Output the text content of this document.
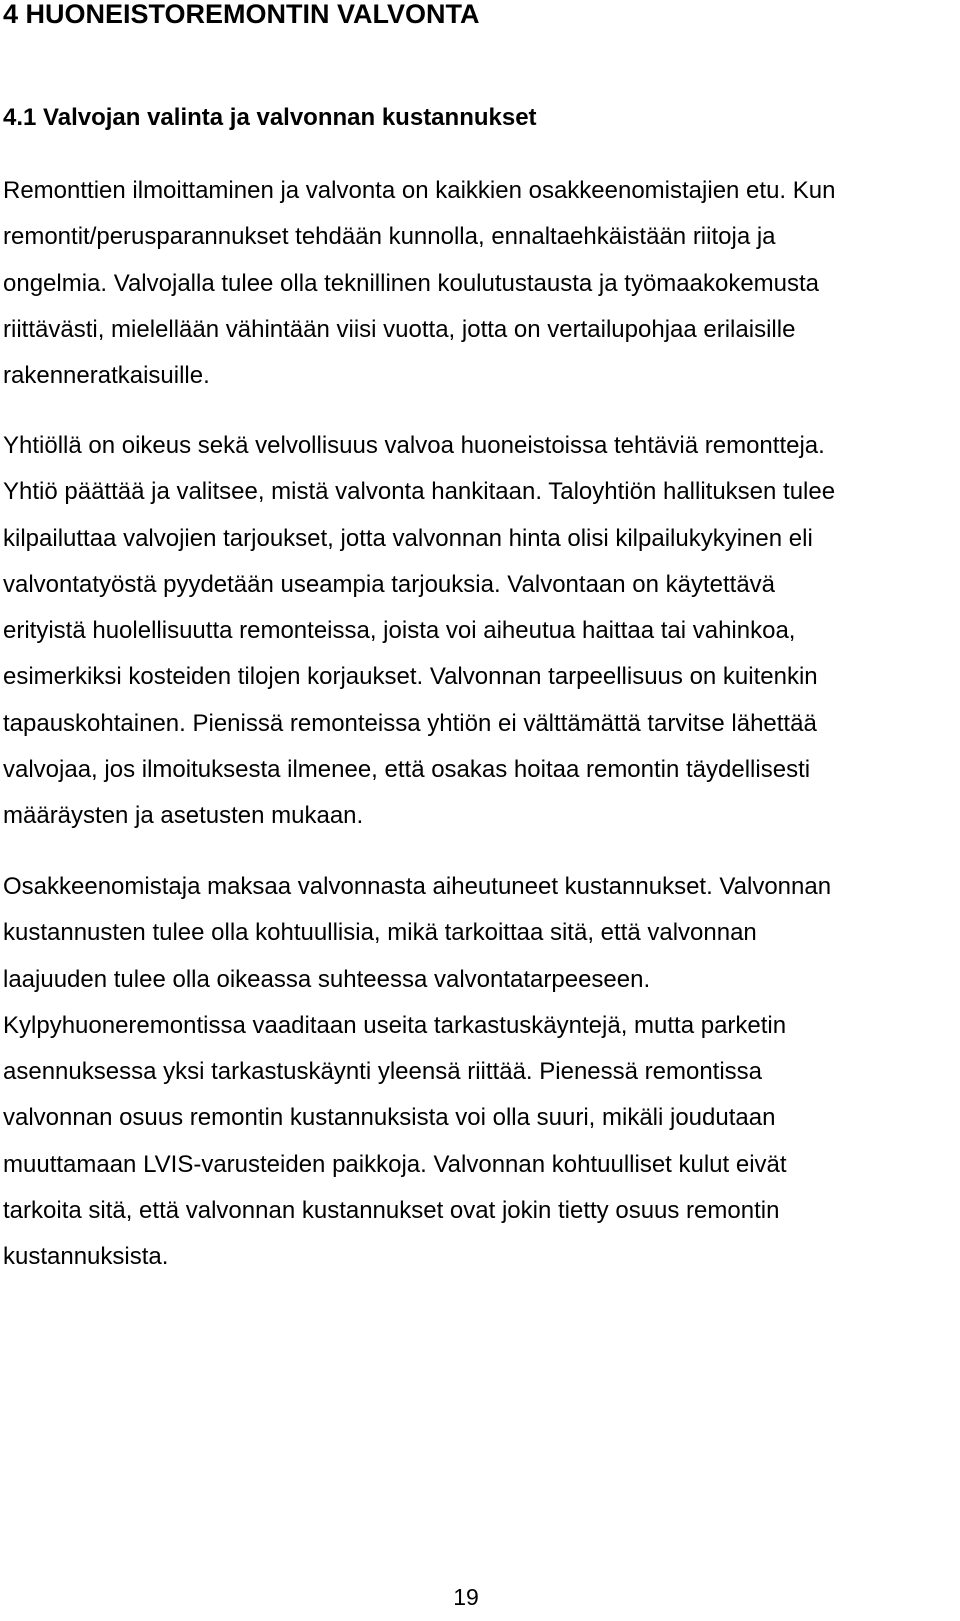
4 HUONEISTOREMONTIN VALVONTA
4.1 Valvojan valinta ja valvonnan kustannukset
Remonttien ilmoittaminen ja valvonta on kaikkien osakkeenomistajien etu. Kun
remontit/perusparannukset tehdään kunnolla, ennaltaehkäistään riitoja ja
ongelmia. Valvojalla tulee olla teknillinen koulutustausta ja työmaakokemusta
riittävästi, mielellään vähintään viisi vuotta, jotta on vertailupohjaa erilaisille
rakenneratkaisuille.
Yhtiöllä on oikeus sekä velvollisuus valvoa huoneistoissa tehtäviä remontteja.
Yhtiö päättää ja valitsee, mistä valvonta hankitaan. Taloyhtiön hallituksen tulee
kilpailuttaa valvojien tarjoukset, jotta valvonnan hinta olisi kilpailukykyinen eli
valvontatyöstä pyydetään useampia tarjouksia. Valvontaan on käytettävä
erityistä huolellisuutta remonteissa, joista voi aiheutua haittaa tai vahinkoa,
esimerkiksi kosteiden tilojen korjaukset. Valvonnan tarpeellisuus on kuitenkin
tapauskohtainen. Pienissä remonteissa yhtiön ei välttämättä tarvitse lähettää
valvojaa, jos ilmoituksesta ilmenee, että osakas hoitaa remontin täydellisesti
määräysten ja asetusten mukaan.
Osakkeenomistaja maksaa valvonnasta aiheutuneet kustannukset. Valvonnan
kustannusten tulee olla kohtuullisia, mikä tarkoittaa sitä, että valvonnan
laajuuden tulee olla oikeassa suhteessa valvontatarpeeseen.
Kylpyhuoneremontissa vaaditaan useita tarkastuskäyntejä, mutta parketin
asennuksessa yksi tarkastuskäynti yleensä riittää. Pienessä remontissa
valvonnan osuus remontin kustannuksista voi olla suuri, mikäli joudutaan
muuttamaan LVIS-varusteiden paikkoja. Valvonnan kohtuulliset kulut eivät
tarkoita sitä, että valvonnan kustannukset ovat jokin tietty osuus remontin
kustannuksista.
19
